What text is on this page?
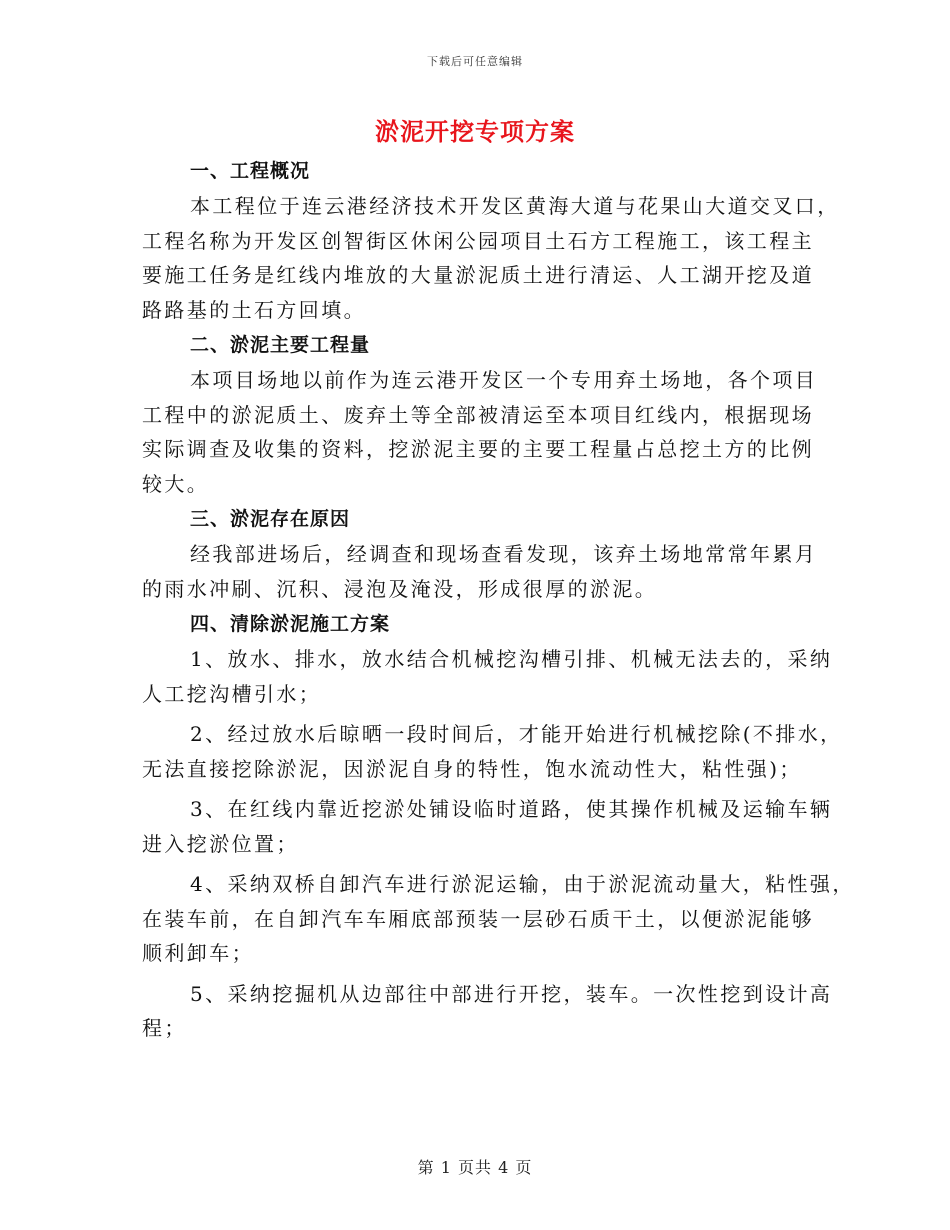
下载后可任意编辑
淤泥开挖专项方案
一、工程概况
本工程位于连云港经济技术开发区黄海大道与花果山大道交叉口，
工程名称为开发区创智街区休闲公园项目土石方工程施工，该工程主
要施工任务是红线内堆放的大量淤泥质土进行清运、人工湖开挖及道
路路基的土石方回填。
二、淤泥主要工程量
本项目场地以前作为连云港开发区一个专用弃土场地，各个项目
工程中的淤泥质土、废弃土等全部被清运至本项目红线内，根据现场
实际调查及收集的资料，挖淤泥主要的主要工程量占总挖土方的比例
较大。
三、淤泥存在原因
经我部进场后，经调查和现场查看发现，该弃土场地常常年累月
的雨水冲刷、沉积、浸泡及淹没，形成很厚的淤泥。
四、清除淤泥施工方案
1、放水、排水，放水结合机械挖沟槽引排、机械无法去的，采纳
人工挖沟槽引水；
2、经过放水后晾晒一段时间后，才能开始进行机械挖除(不排水，
无法直接挖除淤泥，因淤泥自身的特性，饱水流动性大，粘性强)；
3、在红线内靠近挖淤处铺设临时道路，使其操作机械及运输车辆
进入挖淤位置；
4、采纳双桥自卸汽车进行淤泥运输，由于淤泥流动量大，粘性强，
在装车前，在自卸汽车车厢底部预装一层砂石质干土，以便淤泥能够
顺利卸车；
5、采纳挖掘机从边部往中部进行开挖，装车。一次性挖到设计高
程；
第 1 页共 4 页
